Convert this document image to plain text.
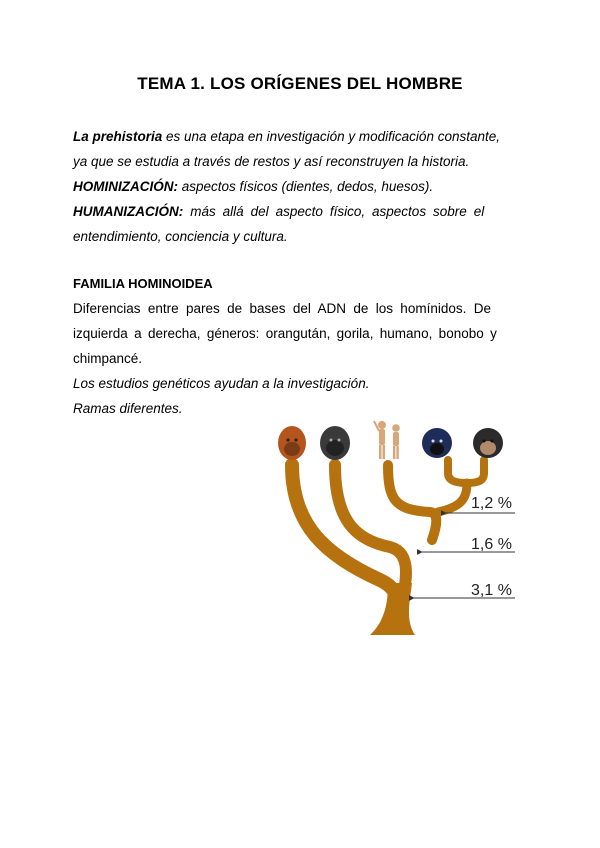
TEMA 1. LOS ORÍGENES DEL HOMBRE
La prehistoria es una etapa en investigación y modificación constante,
ya que se estudia a través de restos y así reconstruyen la historia.
HOMINIZACIÓN: aspectos físicos (dientes, dedos, huesos).
HUMANIZACIÓN: más allá del aspecto físico, aspectos sobre el
entendimiento, conciencia y cultura.
FAMILIA HOMINOIDEA
Diferencias entre pares de bases del ADN de los homínidos. De
izquierda a derecha, géneros: orangután, gorila, humano, bonobo y
chimpancé.
Los estudios genéticos ayudan a la investigación.
Ramas diferentes.
1,2 %
1,6 %
3,1 %
